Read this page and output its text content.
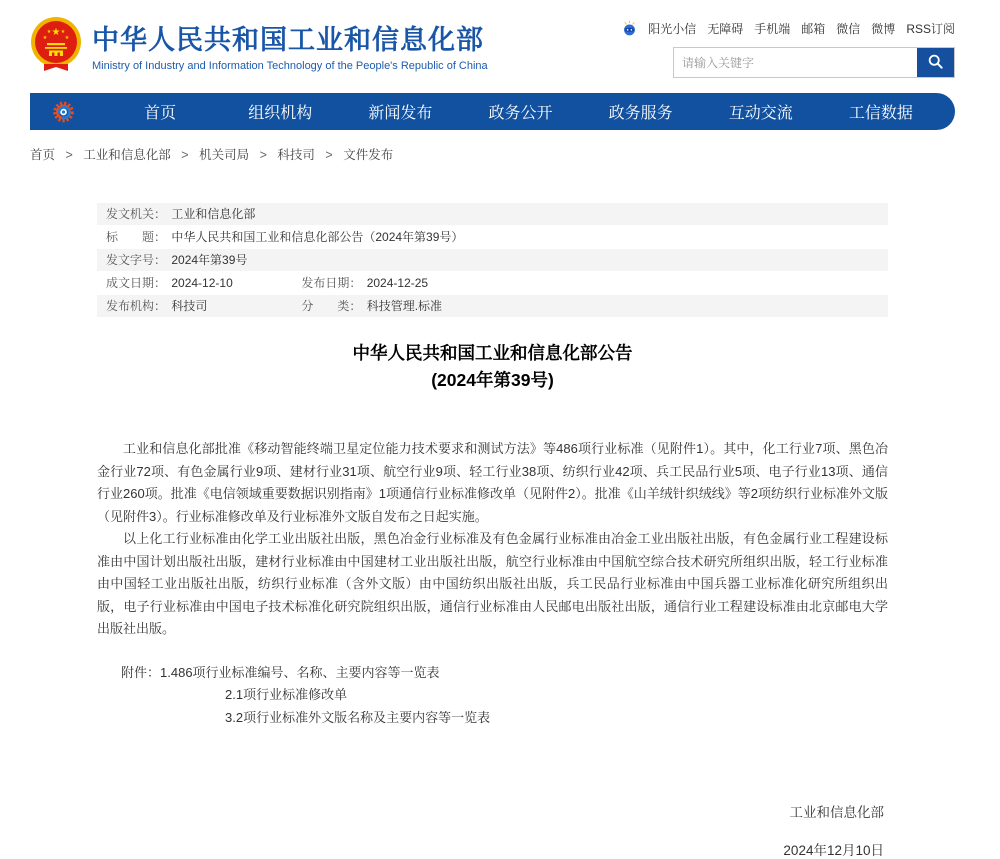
★
★	★
★ ★ 中华人民共和国工业和信息化部
Ministry of Industry and Information Technology of the People's Republic of China
阳光小信 无障碍 手机端 邮箱 微信 微博 RSS订阅
请输入关键字
首页	组织机构	新闻发布	政务公开	政务服务	互动交流	工信数据
首页 > 工业和信息化部 > 机关司局 > 科技司 > 文件发布
发文机关： 工业和信息化部
标　　题： 中华人民共和国工业和信息化部公告（2024年第39号）
发文字号： 2024年第39号
成文日期： 2024-12-10	发布日期： 2024-12-25
发布机构： 科技司	分　　类： 科技管理.标准
中华人民共和国工业和信息化部公告
(2024年第39号)

工业和信息化部批准《移动智能终端卫星定位能力技术要求和测试方法》等486项行业标准（见附件1）。其中，化工行业7项、黑色冶金行业72项、有色金属行业9项、建材行业31项、航空行业9项、轻工行业38项、纺织行业42项、兵工民品行业5项、电子行业13项、通信行业260项。批准《电信领域重要数据识别指南》1项通信行业标准修改单（见附件2）。批准《山羊绒针织绒线》等2项纺织行业标准外文版（见附件3）。行业标准修改单及行业标准外文版自发布之日起实施。

以上化工行业标准由化学工业出版社出版，黑色冶金行业标准及有色金属行业标准由冶金工业出版社出版，有色金属行业工程建设标准由中国计划出版社出版，建材行业标准由中国建材工业出版社出版，航空行业标准由中国航空综合技术研究所组织出版，轻工行业标准由中国轻工业出版社出版，纺织行业标准（含外文版）由中国纺织出版社出版，兵工民品行业标准由中国兵器工业标准化研究所组织出版，电子行业标准由中国电子技术标准化研究院组织出版，通信行业标准由人民邮电出版社出版，通信行业工程建设标准由北京邮电大学出版社出版。

附件：1.486项行业标准编号、名称、主要内容等一览表
2.1项行业标准修改单
3.2项行业标准外文版名称及主要内容等一览表
工业和信息化部
2024年12月10日
